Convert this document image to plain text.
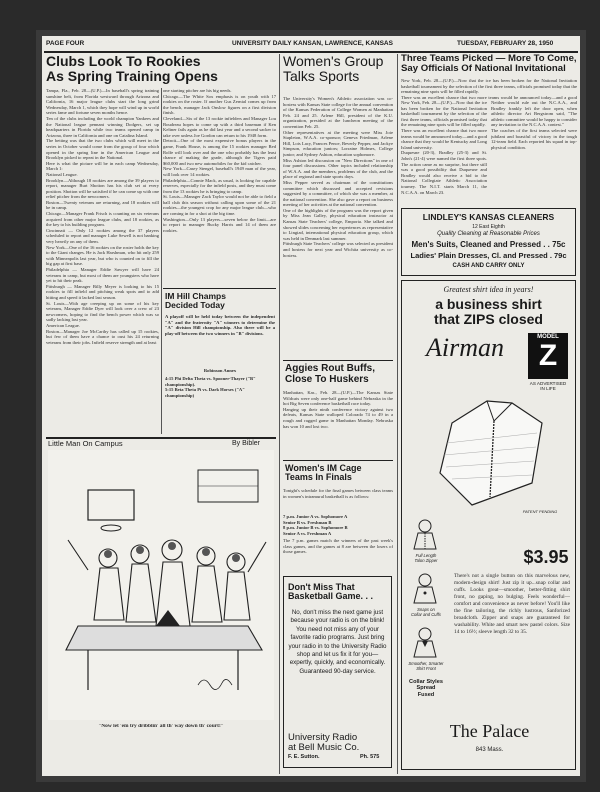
PAGE FOUR	UNIVERSITY DAILY KANSAN, LAWRENCE, KANSAS	TUESDAY, FEBRUARY 28, 1950
Clubs Look To Rookies
As Spring Training Opens
Tampa, Fla., Feb. 28—(U.P.)—In baseball's spring training sunshine belt, from Florida westward through Arizona and California, 16 major league clubs start the long grind Wednesday, March 1, which they hope will wind up in world series fame and fortune seven months hence.
Ten of the clubs including the world champion Yankees and the National league pennant winning Dodgers, set up headquarters in Florida while two teams opened camp in Arizona, three in California and one on Catalina Island.
The betting was that the two clubs which will meet in the series in October would come from the group of four which opened in the spring line in the American League and Brooklyn picked to repeat in the National.
Here is what the picture will be in each camp Wednesday, March 1:
National League.
Brooklyn—Although 18 rookies are among the 39 players to report, manager Burt Shotton has his club set at every position. Shotton will be satisfied if he can come up with one relief pitcher from the newcomers.
Boston—Twenty veterans are returning, and 18 rookies will be in camp.
Chicago—Manager Frank Frisch is counting on six veterans acquired from other major league clubs, and 18 rookies, as the key to his building program.
Cincinnati — Only 12 rookies among the 37 players scheduled to report and manager Luke Sewell is not banking very heavily on any of them.
New York—One of the 16 rookies on the roster holds the key to the Giant changes. He is Jack Harshman, who hit only 259 with Minneapolis last year, but who is counted on to fill the big gap at first base.
Philadelphia — Manager Eddie Sawyer will have 24 veterans in camp, but most of them are youngsters who have yet to hit their peak.
Pittsburgh — Manager Billy Meyer is looking to his 15 rookies to fill infield and pitching weak spots and to add hitting and speed it lacked last season.
St. Louis—With age creeping up on some of his key veterans, Manager Eddie Dyer will look over a crew of 23 newcomers, hoping to find the bench power which was so sadly lacking last year.
American League.
Boston—Manager Joe McCarthy has called up 15 rookies, but few of them have a chance to oust his 24 returning veterans from their jobs. Infield reserve strength and at least
one starting pitcher are his big needs.
Chicago—The White Sox emphasis is on youth with 17 rookies on the roster. If another Gus Zernial comes up from the bench, manager Jack Onslow figures on a first division finish.
Cleveland—Six of the 13 rookie infielders and Manager Lou Boudreau hopes to come up with a third baseman if Ken Keltner fails again as he did last year and a second sacker to take over unless Joe Gordon can return to his 1948 form.
Detroit—One of the most expensive bonus players in the game, Frank House, is among the 15 rookies manager Red Rolfe will look over and the one who probably has the least chance of making the grade, although the Tigers paid $60,000 and two new automobiles for the kid catcher.
New York—Casey Stengel, baseball's 1949 man of the year, will look over 14 rookies.
Philadelphia—Connie Mack, as usual, is looking for capable reserves, especially for the infield posts, and they must come from the 13 rookies he is bringing to camp.
St. Louis—Manager Zack Taylor would not be able to field a ball club this season without calling upon some of the 21 rookies—the youngest crop for any major league club—who are coming in for a shot at the big time.
Washington—Only 13 players—seven below the limit—are to report to manager Bucky Harris and 14 of them are rookies.
IM Hill Champs
Decided Today
A playoff will be held today between the independent "A" and the fraternity "A" winners to determine the "A" division Hill championship. Also there will be a play-off between the two winners in "B" divisions.
Robinson Annex
4:15 Phi Delta Theta vs. Spooner-Thayer ("B" championship).
5:15 Beta Theta Pi vs. Dark Horses ("A" championship)
Little Man On Campus	By Bibler
"Now let 'em try dribblin' all th' way down th' court!"
Women's Group
Talks Sports
The University's Women's Athletic association was co-hostess with Kansas State college for the annual convention of the Kansas Federation of College Women at Manhattan Feb. 24 and 25. Arlene Hill, president of the K.U. organization, presided at the luncheon meeting of the convention Feb. 25.
Other representatives at the meeting were Miss Joie Stapleton, W.A.A. co-sponsor; Geneva Friedman, Arlene Hill, Lois Lacy, Frances Pence, Beverly Pepper, and Jackye Simpson, education juniors; Lorraine Holmes, College junior; and Sydney Ashton, education sophomore.
Miss Ashton led discussion on "New Directions" in one of four panel discussions. Other topics included relationship of W.A.A. and the members, problems of the club, and the place of regional and state sports days.
Miss Pepper served as chairman of the constitutions committee which discussed and accepted revisions suggested by a committee, of which she was a member, at the national convention. She also gave a report on business meeting of her activities at the national convention.
One of the highlights of the program was the report given by Miss Jean Galley, physical education instructor at Kansas State Teachers' college, Emporia. She talked and showed slides concerning her experiences as representative to Lingiad, international physical education group, which was held in Denmark last summer.
Pittsburgh State Teachers' college was selected as president and hostess for next year and Wichita university as co-hostess.
Aggies Rout Buffs,
Close To Huskers
Manhattan, Kas., Feb. 28—(U.P.)—The Kansas State Wildcats were only one-half game behind Nebraska in the hot Big Seven conference basketball race today.
Hanging up their ninth conference victory against two defeats, Kansas State walloped Colorado 74 to 49 in a rough and ragged game in Manhattan Monday. Nebraska has won 10 and lost two.
Women's IM Cage
Teams In Finals
Tonight's schedule for the final games between class teams in women's intramural basketball is as follows:
7 p.m. Junior A vs. Sophomore A
Senior B vs. Freshman B
8 p.m. Junior B vs. Sophomore B
Senior A vs. Freshman A
The 7 p.m. games match the winners of the past week's class games, and the games at 8 are between the losers of those games.
Don't Miss That
Basketball Game. . .
No, don't miss the next game just because your radio is on the blink! You need not miss any of your favorite radio programs. Just bring your radio in to the University Radio shop and let us fix it for you—expertly, quickly, and economically. Guaranteed 90-day service.
University Radio
at Bell Music Co.
F. E. Sutton.	Ph. 575
Three Teams Picked — More To Come,
Say Officials Of National Invitational
New York, Feb. 28—(U.P.)—Now that the ice has been broken for the National Invitation basketball tournament by the selection of the first three teams, officials promised today that the remaining nine spots will be filled rapidly.
There was an excellent chance that two more teams would be announced today—and a good

New York, Feb. 28—(U.P.)—Now that the ice has been broken for the National Invitation basketball tournament by the selection of the first three teams, officials promised today that the remaining nine spots will be filled rapidly.
There was an excellent chance that two more teams would be announced today—and a good chance that they would be Kentucky and Long Island university.
Duquesne (20-3), Bradley (25-3) and St. John's (21-4) were named the first three spots. The action came as no surprise, but there still was a good possibility that Duquesne and Bradley would also receive a bid to the National Collegiate Athletic Association tourney. The N.I.T. starts March 11, the N.C.A.A. on March 23.
Neither would rule out the N.C.A.A., and Bradley frankly left the door open, when athletic director Art Bergstrom said, "The athletic committee would be happy to consider any invitation to the N.C.A.A. contest."
The coaches of the first teams selected were jubilant and boastful of victory in the tough 12-team field. Each reported his squad in top-physical condition.
LINDLEY'S KANSAS CLEANERS
12 East Eighth
Quality Cleaning at Reasonable Prices
Men's Suits, Cleaned and Pressed . . 75c
Ladies' Plain Dresses, Cl. and Pressed . 79c
CASH AND CARRY ONLY
Greatest shirt idea in years!
a business shirt
that ZIPS closed
Airman	MODEL
Z
AS ADVERTISED
IN LIFE
PATENT PENDING
Full Length
Talon Zipper
Snaps on
Collar and Cuffs
Smoother, Smarter
Shirt Front
Collar Styles
Spread
Fused
$3.95
There's not a single button on this marvelous new, modern-design shirt! Just zip it up...snap collar and cuffs. Looks great—smoother, better-fitting shirt front, no gaping, no bulging. Feels wonderful—comfort and convenience as never before! You'll like the fine tailoring, the richly lustrous, Sanforized broadcloth. Zipper and snaps are guaranteed for washability. White and smart new pastel colors. Size 14 to 16½; sleeve length 32 to 35.
The Palace
843 Mass.
